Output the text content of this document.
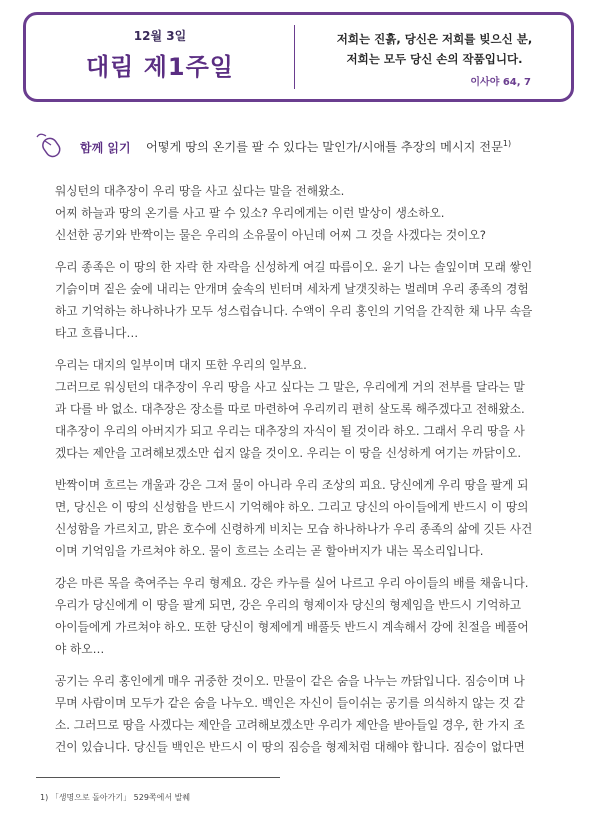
12월 3일
대림 제1주일
저희는 진흙, 당신은 저희를 빚으신 분,
저희는 모두 당신 손의 작품입니다.
이사야 64, 7
함께 읽기 어떻게 땅의 온기를 팔 수 있다는 말인가/시애틀 추장의 메시지 전문$^{1)}$

워싱턴의 대추장이 우리 땅을 사고 싶다는 말을 전해왔소.
어찌 하늘과 땅의 온기를 사고 팔 수 있소? 우리에게는 이런 발상이 생소하오.
신선한 공기와 반짝이는 물은 우리의 소유물이 아닌데 어찌 그 것을 사겠다는 것이오?

우리 종족은 이 땅의 한 자락 한 자락을 신성하게 여길 따름이오. 윤기 나는 솔잎이며 모래 쌓인
기슭이며 짙은 숲에 내리는 안개며 숲속의 빈터며 세차게 날갯짓하는 벌레며 우리 종족의 경험
하고 기억하는 하나하나가 모두 성스럽습니다. 수액이 우리 홍인의 기억을 간직한 채 나무 속을
타고 흐릅니다…

우리는 대지의 일부이며 대지 또한 우리의 일부요.
그러므로 워싱턴의 대추장이 우리 땅을 사고 싶다는 그 말은, 우리에게 거의 전부를 달라는 말
과 다를 바 없소. 대추장은 장소를 따로 마련하여 우리끼리 편히 살도록 해주겠다고 전해왔소.
대추장이 우리의 아버지가 되고 우리는 대추장의 자식이 될 것이라 하오. 그래서 우리 땅을 사
겠다는 제안을 고려해보겠소만 쉽지 않을 것이오. 우리는 이 땅을 신성하게 여기는 까닭이오.

반짝이며 흐르는 개울과 강은 그저 물이 아니라 우리 조상의 피요. 당신에게 우리 땅을 팔게 되
면, 당신은 이 땅의 신성함을 반드시 기억해야 하오. 그리고 당신의 아이들에게 반드시 이 땅의
신성함을 가르치고, 맑은 호수에 신령하게 비치는 모습 하나하나가 우리 종족의 삶에 깃든 사건
이며 기억임을 가르쳐야 하오. 물이 흐르는 소리는 곧 할아버지가 내는 목소리입니다.

강은 마른 목을 축여주는 우리 형제요. 강은 카누를 실어 나르고 우리 아이들의 배를 채웁니다.
우리가 당신에게 이 땅을 팔게 되면, 강은 우리의 형제이자 당신의 형제임을 반드시 기억하고
아이들에게 가르쳐야 하오. 또한 당신이 형제에게 배풀듯 반드시 계속해서 강에 친절을 베풀어
야 하오…

공기는 우리 홍인에게 매우 귀중한 것이오. 만물이 같은 숨을 나누는 까닭입니다. 짐승이며 나
무며 사람이며 모두가 같은 숨을 나누오. 백인은 자신이 들이쉬는 공기를 의식하지 않는 것 같
소. 그러므로 땅을 사겠다는 제안을 고려해보겠소만 우리가 제안을 받아들일 경우, 한 가지 조
건이 있습니다. 당신들 백인은 반드시 이 땅의 짐승을 형제처럼 대해야 합니다. 짐승이 없다면

1) 「생명으로 돌아가기」 529쪽에서 발췌
